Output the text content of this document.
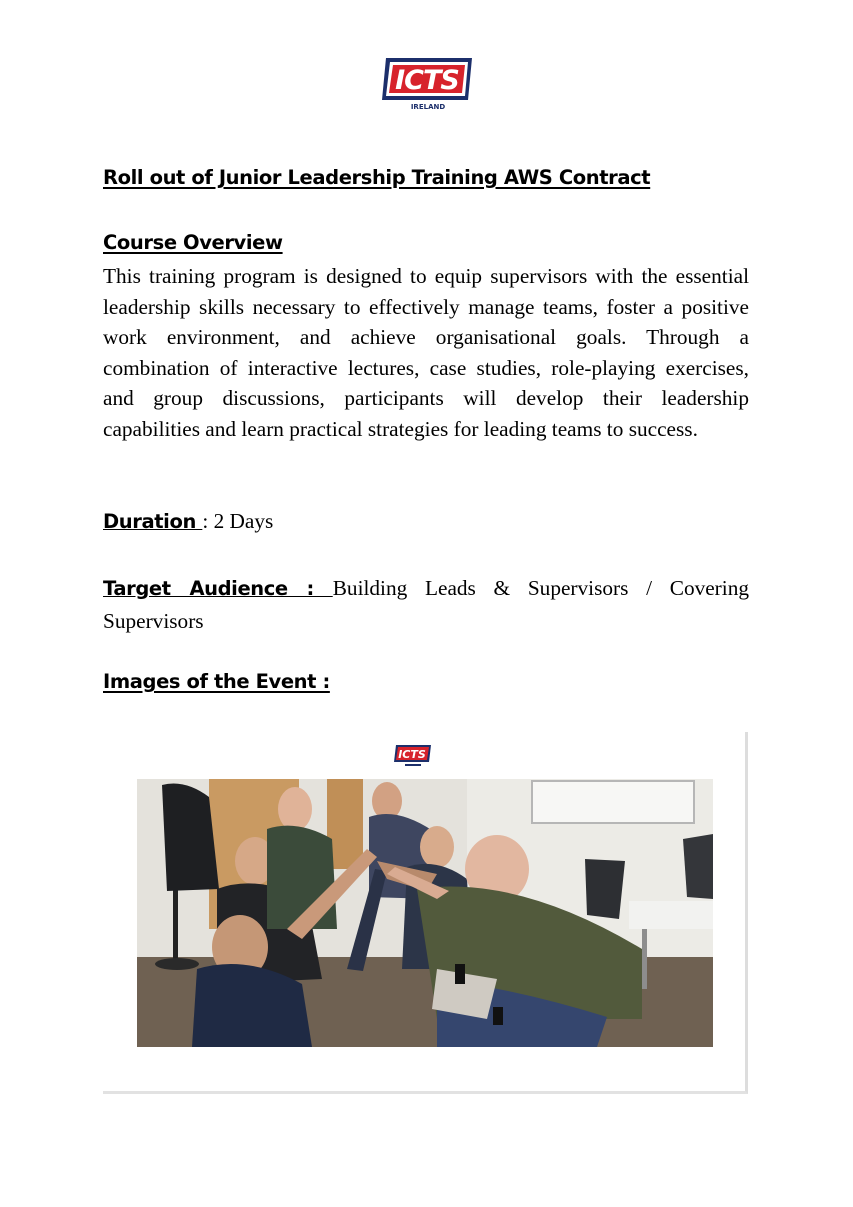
ICTS
IRELAND
Roll out of Junior Leadership Training AWS Contract
Course Overview
This training program is designed to equip supervisors with the essential leadership skills necessary to effectively manage teams, foster a positive work environment, and achieve organisational goals. Through a combination of interactive lectures, case studies, role-playing exercises, and group discussions, participants will develop their leadership capabilities and learn practical strategies for leading teams to success.
Duration : 2 Days
Target Audience : Building Leads & Supervisors / Covering Supervisors
Images of the Event :
ICTS
